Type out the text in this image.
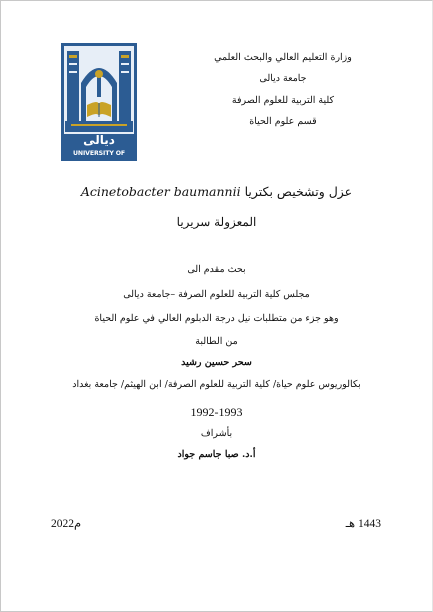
ديالى
UNIVERSITY OF DIYALA
وزارة التعليم العالي والبحث العلمي
جامعة ديالى
كلية التربية للعلوم الصرفة
قسم علوم الحياة
عزل وتشخيص بكتريا Acinetobacter baumannii
المعزولة سريريا
بحث مقدم الى
مجلس كلية التربية للعلوم الصرفة –جامعة ديالى
وهو جزء من متطلبات نيل درجة الدبلوم العالي في علوم الحياة
من الطالبة
سحر حسين رشيد
بكالوريوس علوم حياة/ كلية التربية للعلوم الصرفة/ ابن الهيثم/ جامعة بغداد
1992-1993
بأشراف
أ.د. صبا جاسم جواد
2022م	1443 هـ
